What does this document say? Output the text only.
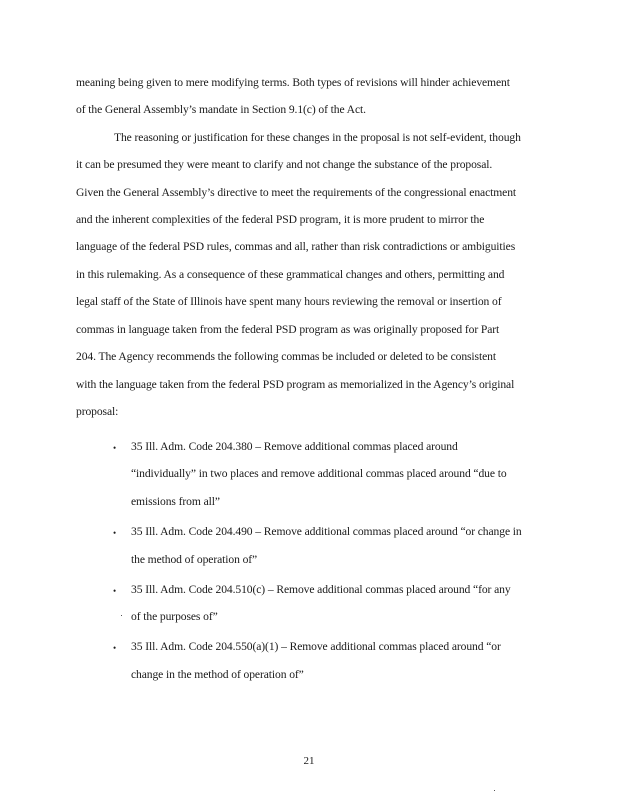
meaning being given to mere modifying terms. Both types of revisions will hinder achievement
of the General Assembly’s mandate in Section 9.1(c) of the Act.
The reasoning or justification for these changes in the proposal is not self-evident, though
it can be presumed they were meant to clarify and not change the substance of the proposal.
Given the General Assembly’s directive to meet the requirements of the congressional enactment
and the inherent complexities of the federal PSD program, it is more prudent to mirror the
language of the federal PSD rules, commas and all, rather than risk contradictions or ambiguities
in this rulemaking. As a consequence of these grammatical changes and others, permitting and
legal staff of the State of Illinois have spent many hours reviewing the removal or insertion of
commas in language taken from the federal PSD program as was originally proposed for Part
204. The Agency recommends the following commas be included or deleted to be consistent
with the language taken from the federal PSD program as memorialized in the Agency’s original
proposal:
• 35 Ill. Adm. Code 204.380 – Remove additional commas placed around
“individually” in two places and remove additional commas placed around “due to
emissions from all”
• 35 Ill. Adm. Code 204.490 – Remove additional commas placed around “or change in
the method of operation of”
• 35 Ill. Adm. Code 204.510(c) – Remove additional commas placed around “for any
of the purposes of”
• 35 Ill. Adm. Code 204.550(a)(1) – Remove additional commas placed around “or
change in the method of operation of”
21
